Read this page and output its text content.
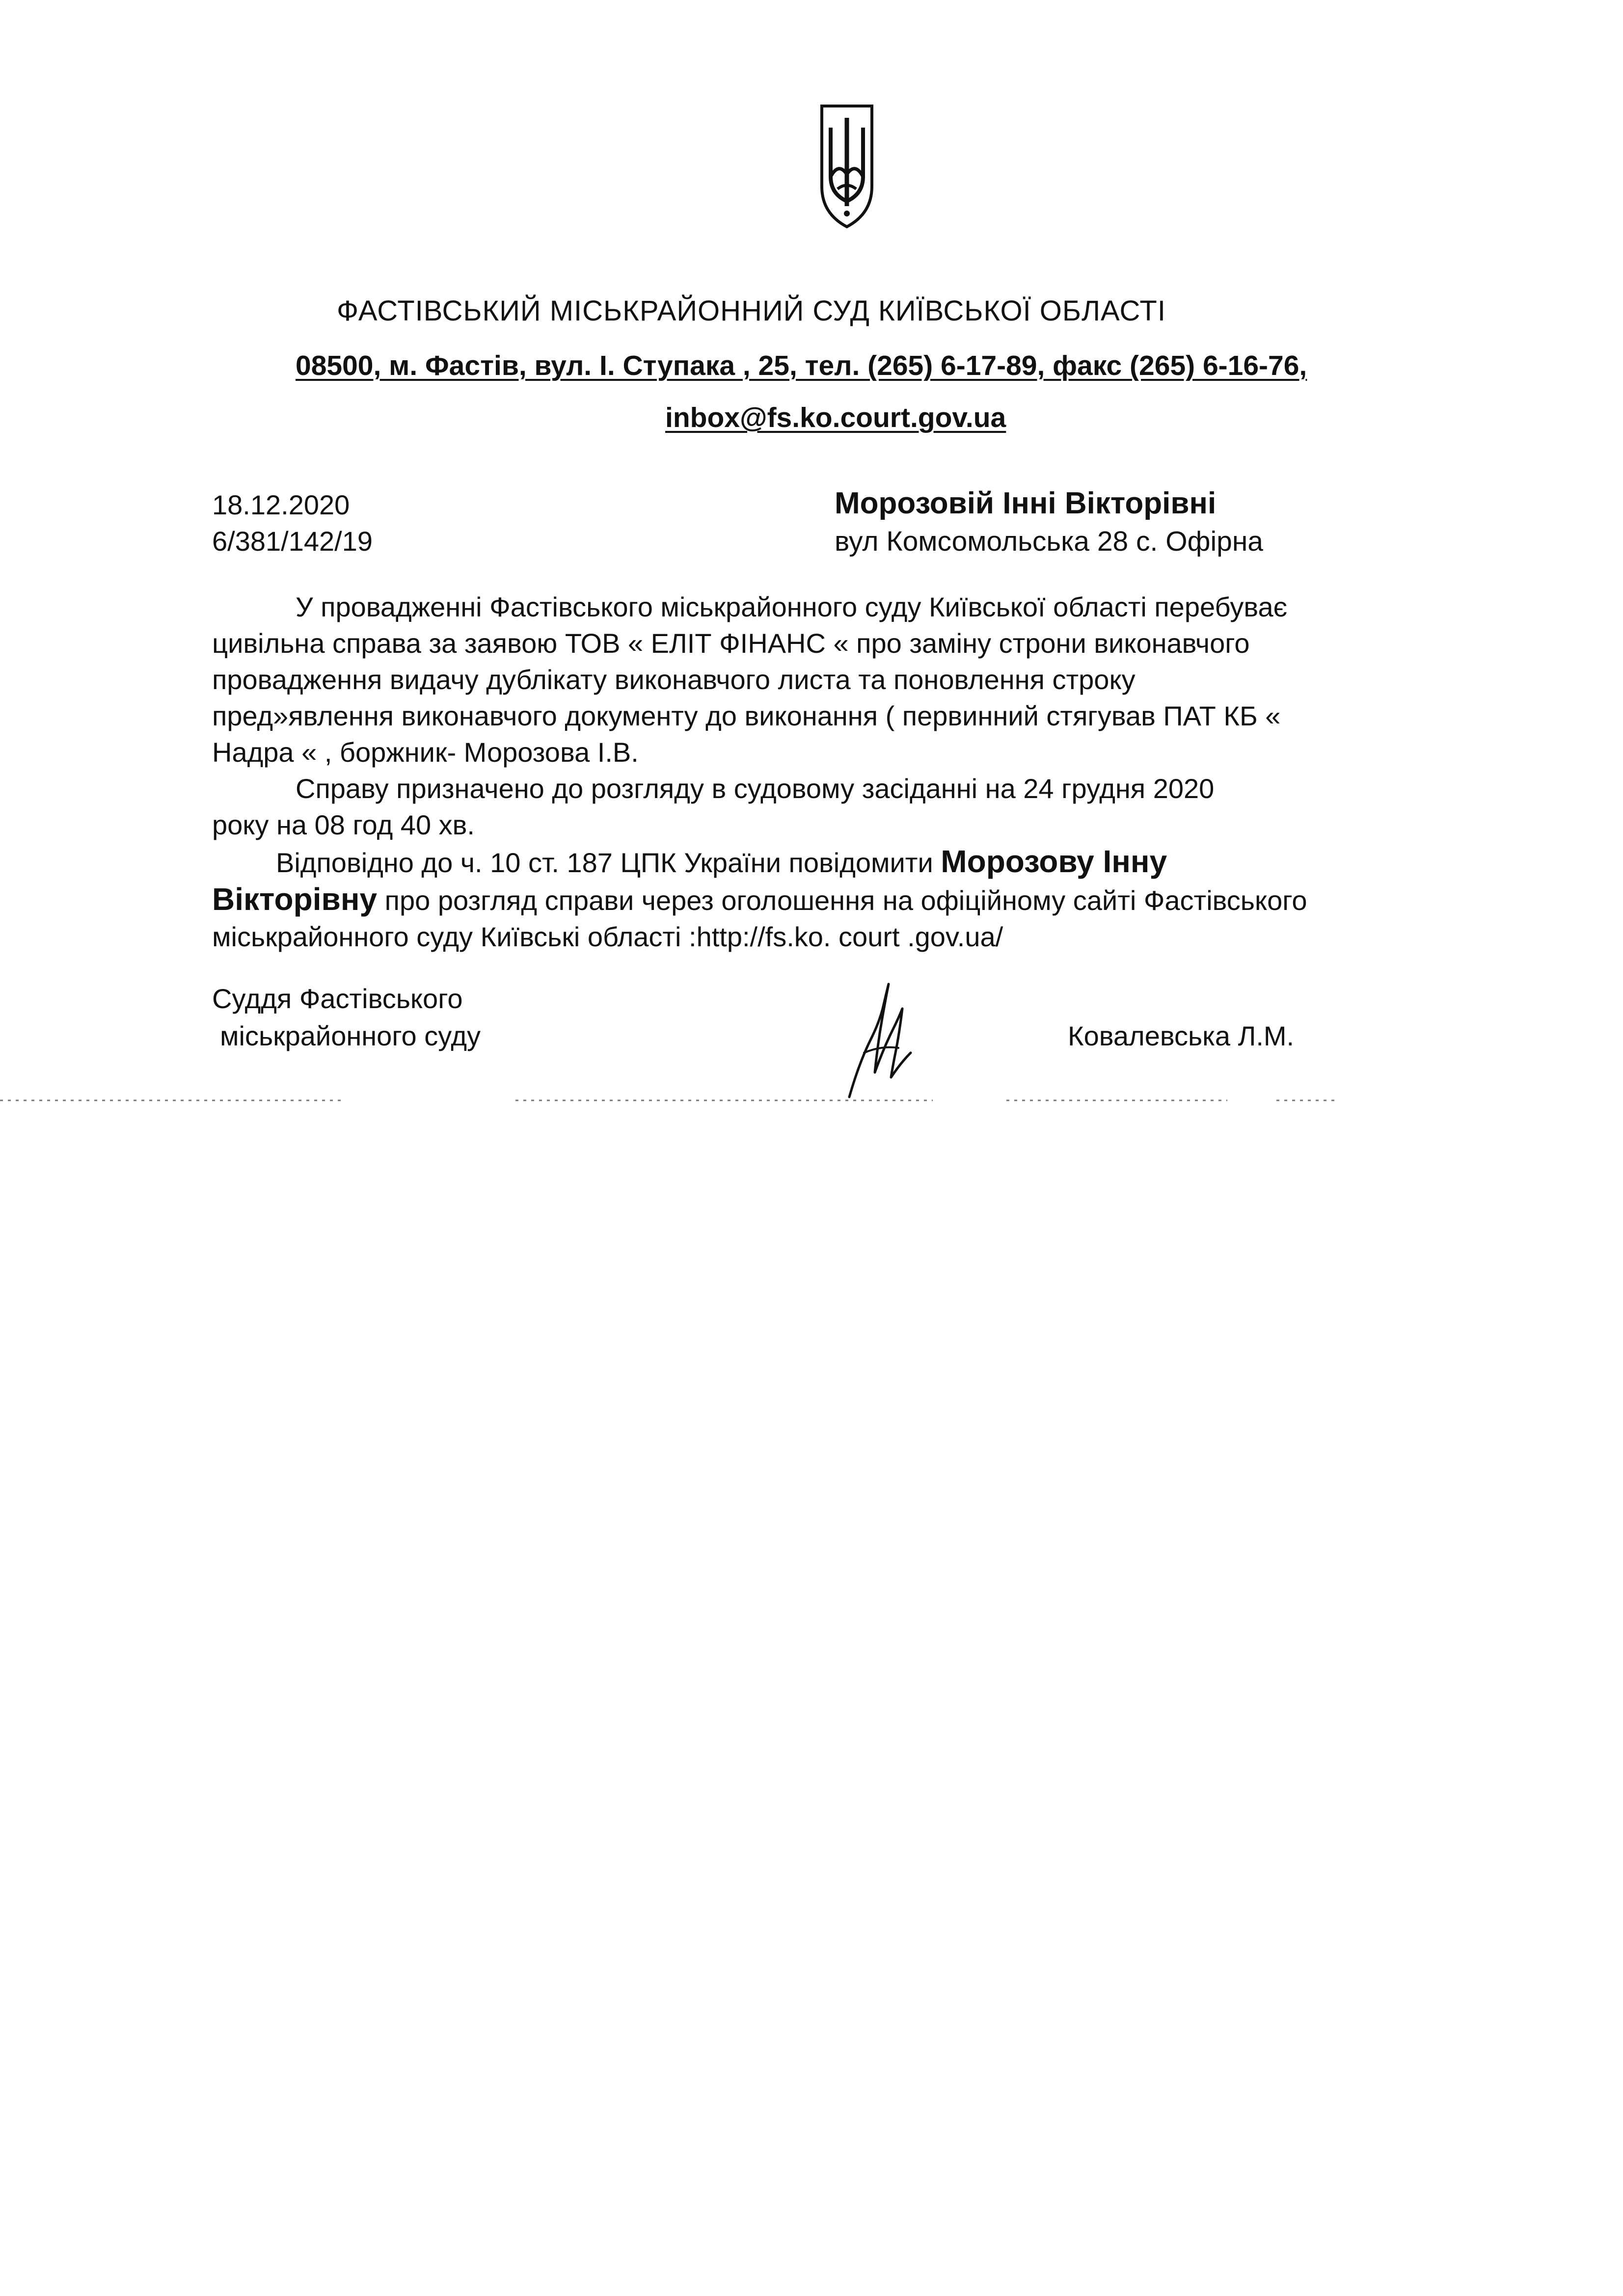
ФАСТІВСЬКИЙ МІСЬКРАЙОННИЙ СУД КИЇВСЬКОЇ ОБЛАСТІ
08500, м. Фастів, вул. І. Ступака , 25, тел. (265) 6-17-89, факс (265) 6-16-76,
inbox@fs.ko.court.gov.ua
18.12.2020
6/381/142/19
Морозовій Інні Вікторівні
вул Комсомольська 28 с. Офірна
У провадженні Фастівського міськрайонного суду Київської області перебуває
цивільна справа за заявою ТОВ « ЕЛІТ ФІНАНС « про заміну строни виконавчого
провадження видачу дублікату виконавчого листа та поновлення строку
пред»явлення виконавчого документу до виконання ( первинний стягував ПАТ КБ «
Надра « , боржник- Морозова І.В.
Справу призначено до розгляду в судовому засіданні на 24 грудня 2020
року на 08 год 40 хв.
Відповідно до ч. 10 ст. 187 ЦПК України повідомити Морозову Інну
Вікторівну про розгляд справи через оголошення на офіційному сайті Фастівського
міськрайонного суду Київські області :http://fs.ko. court .gov.ua/
Суддя Фастівського
міськрайонного суду	Ковалевська Л.М.
